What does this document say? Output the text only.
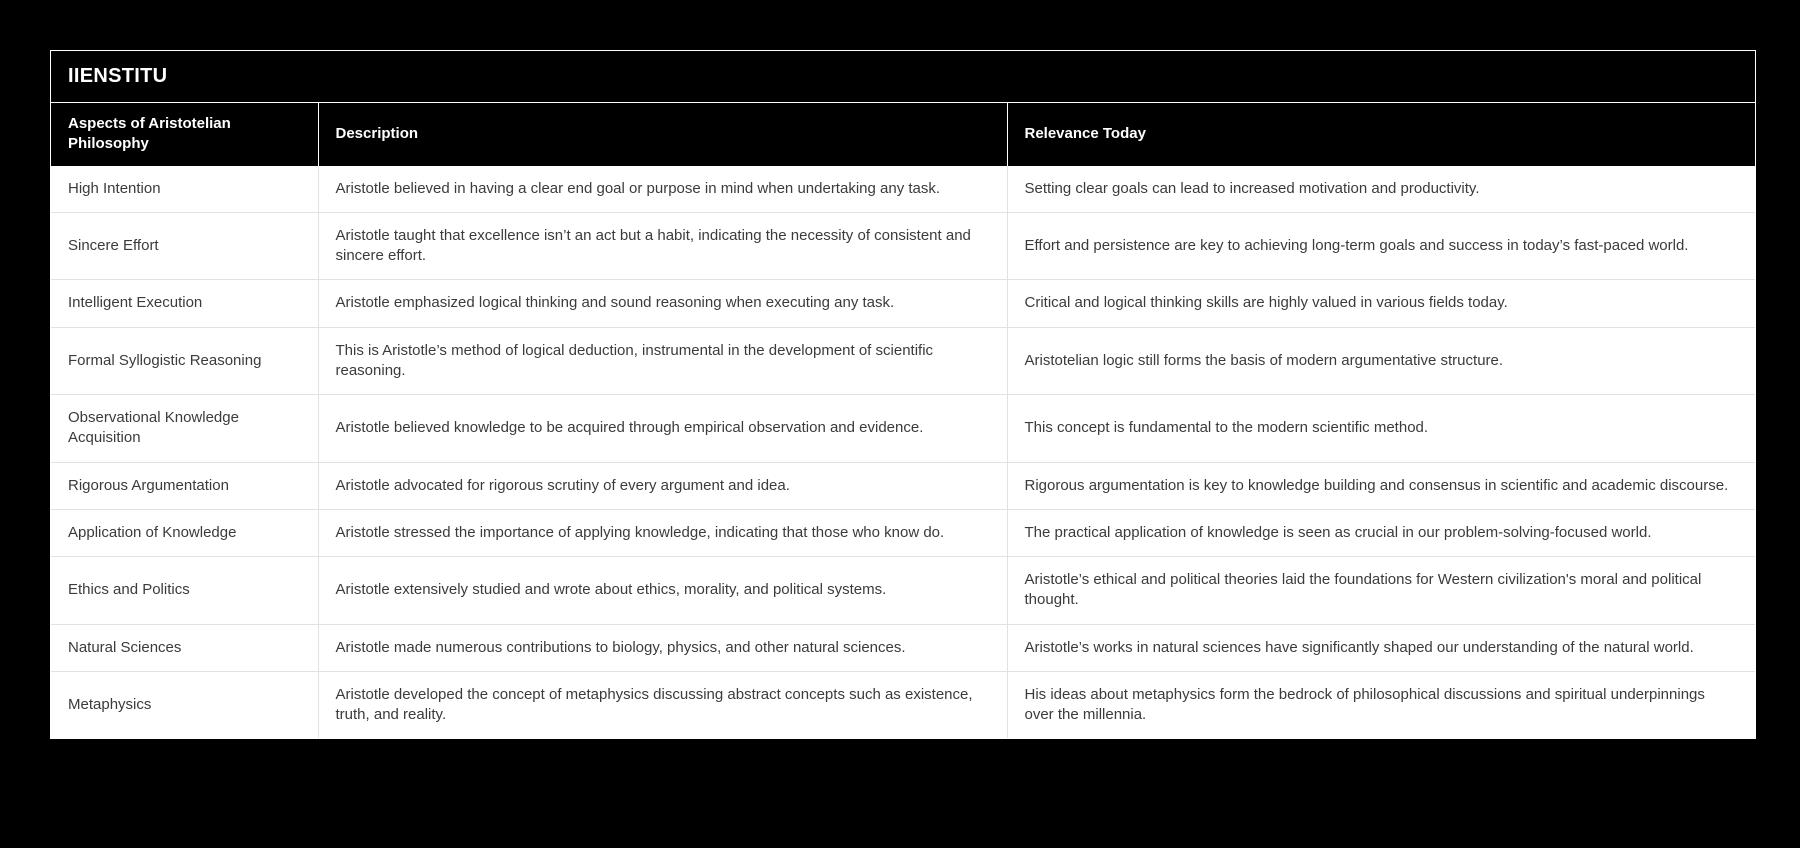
IIENSTITU
Aspects of Aristotelian Philosophy	Description	Relevance Today
High Intention	Aristotle believed in having a clear end goal or purpose in mind when undertaking any task.	Setting clear goals can lead to increased motivation and productivity.
Sincere Effort	Aristotle taught that excellence isn’t an act but a habit, indicating the necessity of consistent and sincere effort.	Effort and persistence are key to achieving long-term goals and success in today’s fast-paced world.
Intelligent Execution	Aristotle emphasized logical thinking and sound reasoning when executing any task.	Critical and logical thinking skills are highly valued in various fields today.
Formal Syllogistic Reasoning	This is Aristotle’s method of logical deduction, instrumental in the development of scientific reasoning.	Aristotelian logic still forms the basis of modern argumentative structure.
Observational Knowledge Acquisition	Aristotle believed knowledge to be acquired through empirical observation and evidence.	This concept is fundamental to the modern scientific method.
Rigorous Argumentation	Aristotle advocated for rigorous scrutiny of every argument and idea.	Rigorous argumentation is key to knowledge building and consensus in scientific and academic discourse.
Application of Knowledge	Aristotle stressed the importance of applying knowledge, indicating that those who know do.	The practical application of knowledge is seen as crucial in our problem-solving-focused world.
Ethics and Politics	Aristotle extensively studied and wrote about ethics, morality, and political systems.	Aristotle’s ethical and political theories laid the foundations for Western civilization's moral and political thought.
Natural Sciences	Aristotle made numerous contributions to biology, physics, and other natural sciences.	Aristotle’s works in natural sciences have significantly shaped our understanding of the natural world.
Metaphysics	Aristotle developed the concept of metaphysics discussing abstract concepts such as existence, truth, and reality.	His ideas about metaphysics form the bedrock of philosophical discussions and spiritual underpinnings over the millennia.
